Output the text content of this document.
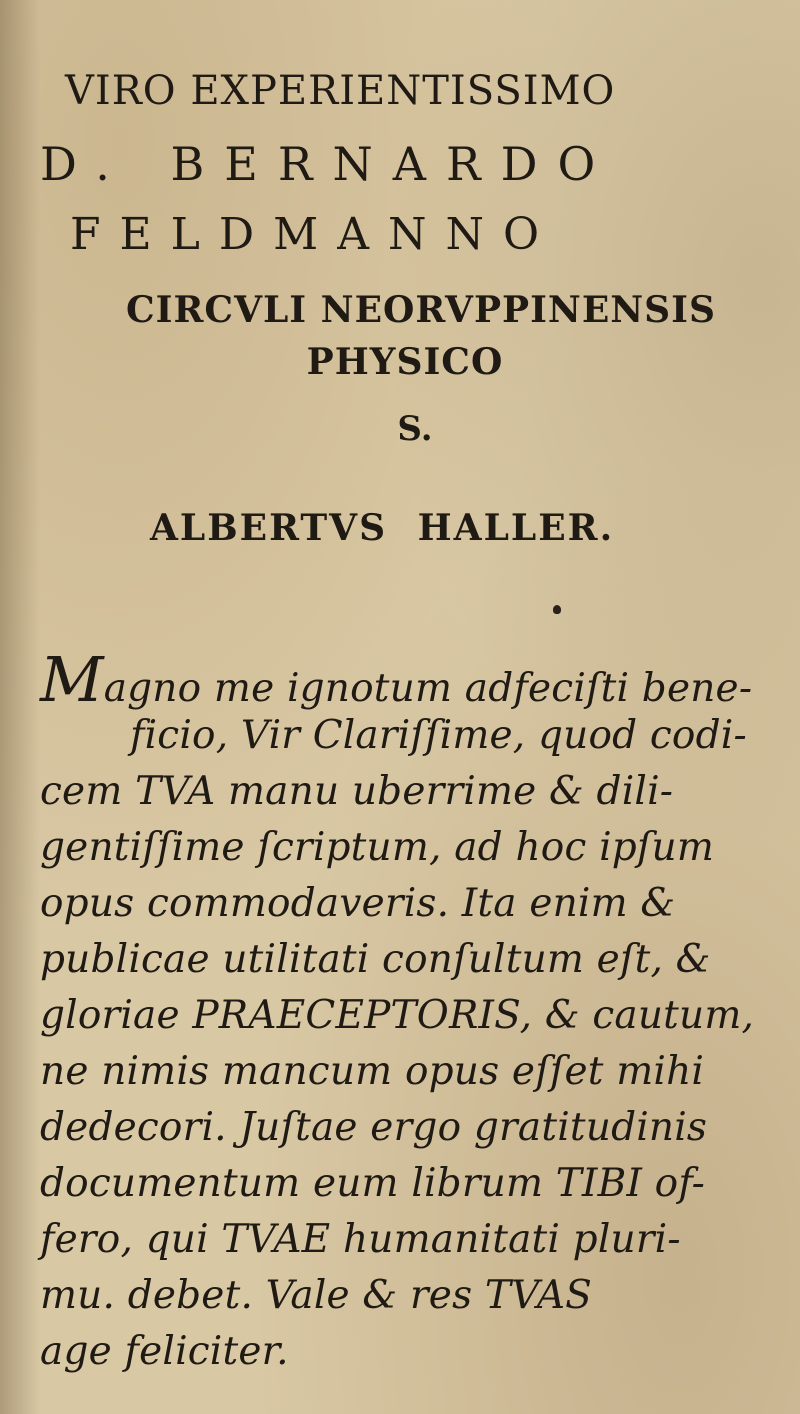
VIRO EXPERIENTISSIMO
D. BERNARDO
FELDMANNO
CIRCVLI NEORVPPINENSIS
PHYSICO
S.
ALBERTVS HALLER.
Magno me ignotum adfeciſti bene-
ficio, Vir Clariſſime, quod codi-
cem TVA manu uberrime & dili-
gentiſſime ſcriptum, ad hoc ipſum
opus commodaveris. Ita enim &
publicae utilitati conſultum eſt, &
gloriae PRAECEPTORIS, & cautum,
ne nimis mancum opus eſſet mihi
dedecori. Juſtae ergo gratitudinis
documentum eum librum TIBI of-
fero, qui TVAE humanitati pluri-
mu. debet. Vale & res TVAS
age feliciter.
